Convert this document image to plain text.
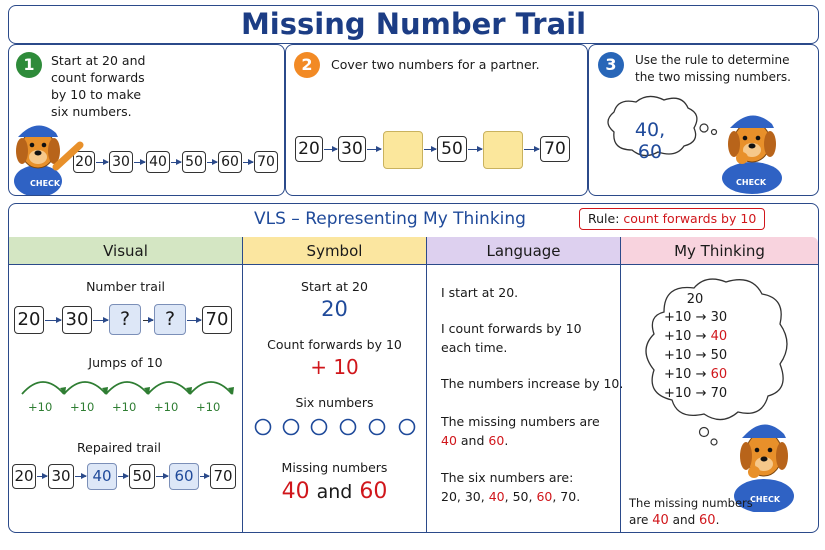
Missing Number Trail
1	Start at 20 and
count forwards
by 10 to make
six numbers.
2	Cover two numbers for a partner.	3	Use the rule to determine
the two missing numbers.
20 30 40 50 60 70
CHECK
20 30	50	70
40, 60
CHECK
VLS – Representing My Thinking	Rule: count forwards by 10
Visual	Symbol	Language	My Thinking
Number trail
20 30	?	?	70
Jumps of 10
+10 +10 +10 +10 +10
Repaired trail
20 30	40	50	60	70
Start at 20
20
Count forwards by 10
+ 10
Six numbers
Missing numbers
40 and 60
I start at 20.
I count forwards by 10
each time.
The numbers increase by 10.
The missing numbers are
40 and 60.
The six numbers are:
20, 30, 40, 50, 60, 70.
20
+10 → 30
+10 → 40
+10 → 50
+10 → 60
+10 → 70
CHECK
The missing numbers
are 40 and 60.
